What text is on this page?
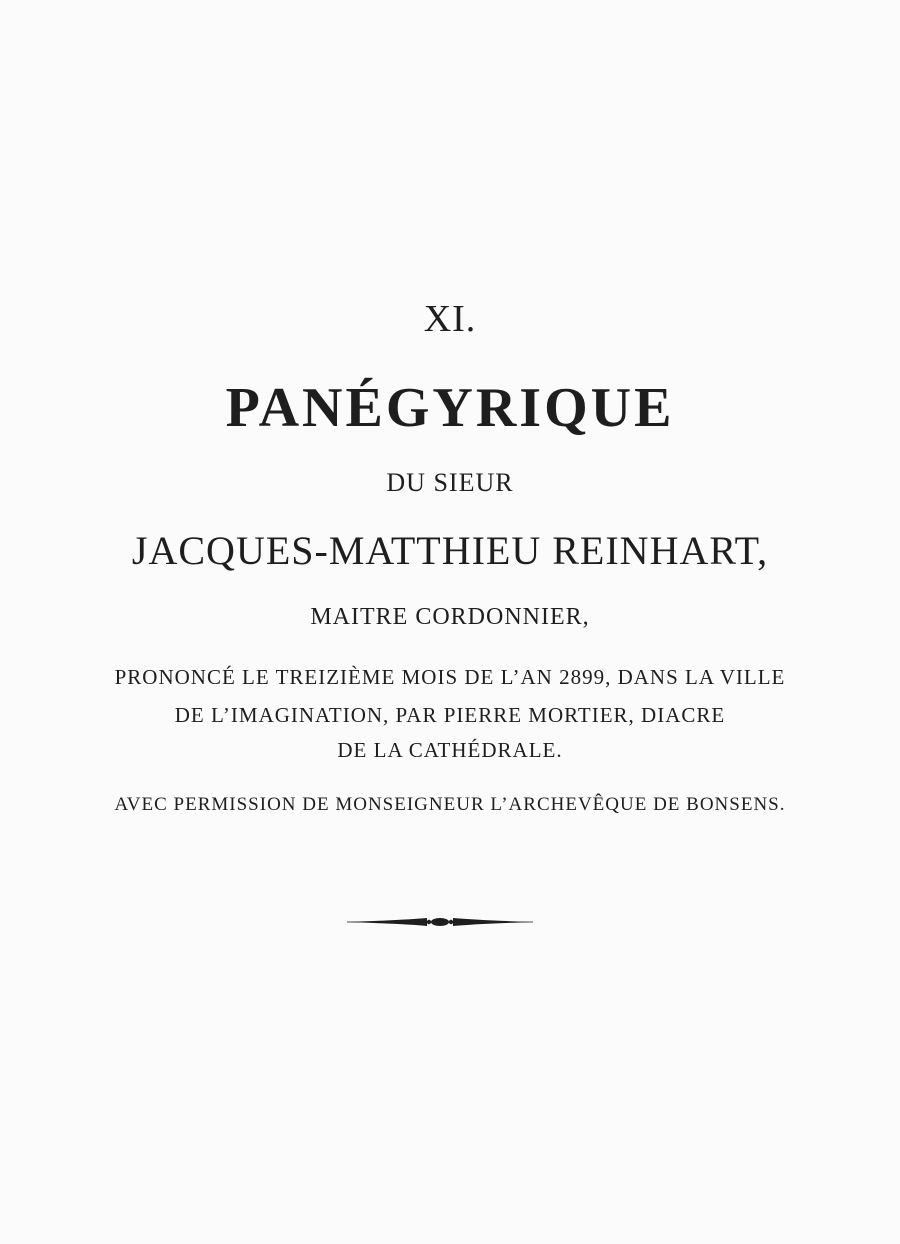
XI.
PANÉGYRIQUE
DU SIEUR
JACQUES-MATTHIEU REINHART,
MAITRE CORDONNIER,
PRONONCÉ LE TREIZIÈME MOIS DE L’AN 2899, DANS LA VILLE
DE L’IMAGINATION, PAR PIERRE MORTIER, DIACRE
DE LA CATHÉDRALE.
AVEC PERMISSION DE MONSEIGNEUR L’ARCHEVÊQUE DE BONSENS.
